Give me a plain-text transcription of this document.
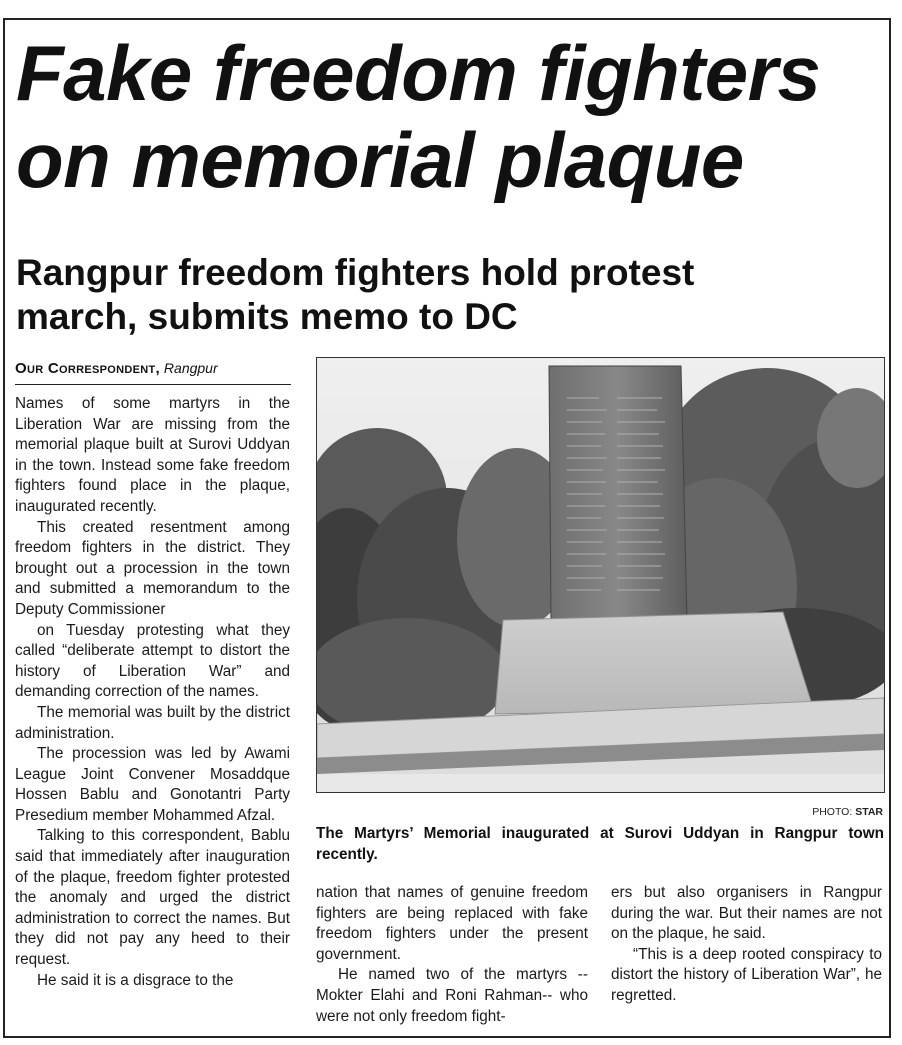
Fake freedom fighters
on memorial plaque
Rangpur freedom fighters hold protest
march, submits memo to DC
Our Correspondent, Rangpur

Names of some martyrs in the Liberation War are missing from the memorial plaque built at Surovi Uddyan in the town. Instead some fake freedom fighters found place in the plaque, inaugurated recently.

This created resentment among freedom fighters in the district. They brought out a procession in the town and submitted a memorandum to the Deputy Commissioner

on Tuesday protesting what they called “deliberate attempt to distort the history of Liberation War” and demanding correction of the names.

The memorial was built by the district administration.

The procession was led by Awami League Joint Convener Mosaddque Hossen Bablu and Gonotantri Party Presedium member Mohammed Afzal.

Talking to this correspondent, Bablu said that immediately after inauguration of the plaque, freedom fighter protested the anomaly and urged the district administration to correct the names. But they did not pay any heed to their request.

He said it is a disgrace to the

PHOTO: STAR

The Martyrs’ Memorial inaugurated at Surovi Uddyan in Rangpur town recently.

nation that names of genuine freedom fighters are being replaced with fake freedom fighters under the present government.

He named two of the martyrs -- Mokter Elahi and Roni Rahman-- who were not only freedom fight-

ers but also organisers in Rangpur during the war. But their names are not on the plaque, he said.

“This is a deep rooted conspiracy to distort the history of Liberation War”, he regretted.
